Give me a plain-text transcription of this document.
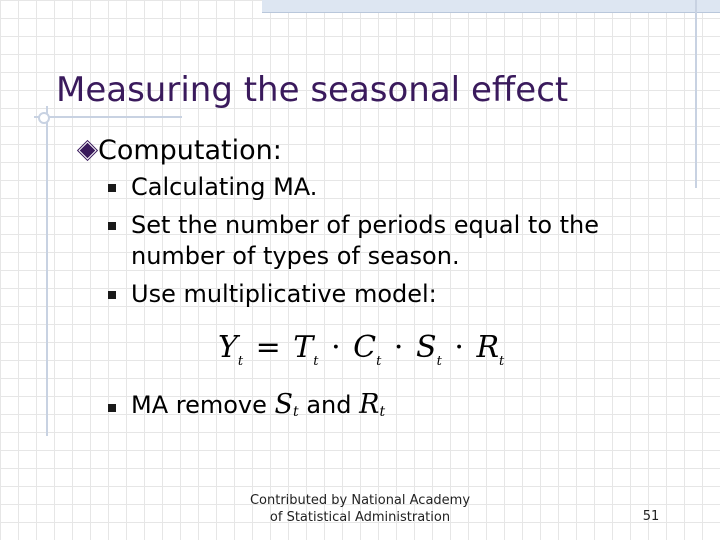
Measuring the seasonal effect
Computation:
Calculating MA.
Set the number of periods equal to the
number of types of season.
Use multiplicative model:
$Y_t = T_t \cdot C_t \cdot S_t \cdot R_t$
MA remove $S_t$ and $R_t$
Contributed by National Academy
of Statistical Administration	51
